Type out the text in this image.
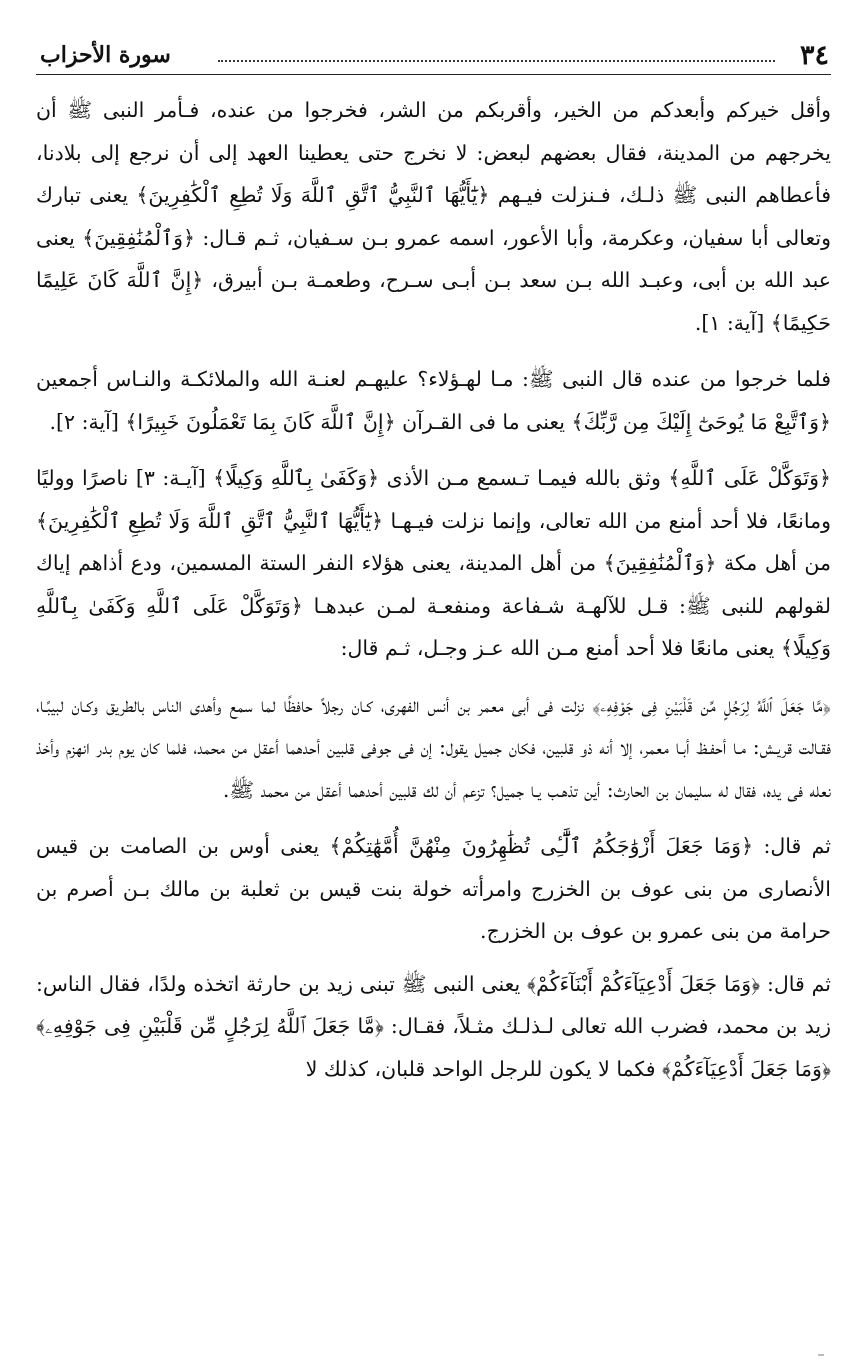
٣٤
سورة الأحزاب

وأقل خيركم وأبعدكم من الخير، وأقربكم من الشر، فخرجوا من عنده، فـأمر النبى ﷺ أن يخرجهم من المدينة، فقال بعضهم لبعض: لا نخرج حتى يعطينا العهد إلى أن نرجع إلى بلادنا، فأعطاهم النبى ﷺ ذلـك، فـنزلت فيـهم ﴿يَٰٓأَيُّهَا ٱلنَّبِيُّ ٱتَّقِ ٱللَّهَ وَلَا تُطِعِ ٱلْكَٰفِرِينَ﴾ يعنى تبارك وتعالى أبا سفيان، وعكرمة، وأبا الأعور، اسمه عمرو بـن سـفيان، ثـم قـال: ﴿وَٱلْمُنَٰفِقِينَ﴾ يعنى عبد الله بن أبى، وعبـد الله بـن سعد بـن أبـى سـرح، وطعمـة بـن أبيرق، ﴿إِنَّ ٱللَّهَ كَانَ عَلِيمًا حَكِيمًا﴾ [آية: ١].

فلما خرجوا من عنده قال النبى ﷺ: مـا لهـؤلاء؟ عليهـم لعنـة الله والملائكـة والنـاس أجمعين ﴿وَٱتَّبِعْ مَا يُوحَىٰٓ إِلَيْكَ مِن رَّبِّكَ﴾ يعنى ما فى القـرآن ﴿إِنَّ ٱللَّهَ كَانَ بِمَا تَعْمَلُونَ خَبِيرًا﴾ [آية: ٢].

﴿وَتَوَكَّلْ عَلَى ٱللَّهِ﴾ وثق بالله فيمـا تـسمع مـن الأذى ﴿وَكَفَىٰ بِٱللَّهِ وَكِيلًا﴾ [آيـة: ٣] ناصرًا ووليًا ومانعًا، فلا أحد أمنع من الله تعالى، وإنما نزلت فيـهـا ﴿يَٰٓأَيُّهَا ٱلنَّبِيُّ ٱتَّقِ ٱللَّهَ وَلَا تُطِعِ ٱلْكَٰفِرِينَ﴾ من أهل مكة ﴿وَٱلْمُنَٰفِقِينَ﴾ من أهل المدينة، يعنى هؤلاء النفر الستة المسمين، ودع أذاهم إياك لقولهم للنبى ﷺ: قـل للآلهـة شـفاعة ومنفعـة لمـن عبدهـا ﴿وَتَوَكَّلْ عَلَى ٱللَّهِ وَكَفَىٰ بِٱللَّهِ وَكِيلًا﴾ يعنى مانعًا فلا أحد أمنع مـن الله عـز وجـل، ثـم قال:

﴿مَّا جَعَلَ ٱللَّهُ لِرَجُلٍ مِّن قَلْبَيْنِ فِى جَوْفِهِۦ﴾ نزلت فى أبى معمر بن أنس الفهرى، كـان رجلاً حافظًا لما سمع وأهدى الناس بالطريق وكـان لبيبًـا، فقـالت قريـش: مـا أحفـظ أبـا معمر، إلا أنه ذو قلبين، فكان جميل يقول: إن فى جوفى قلبين أحدهما أعقل من محمد، فلما كان يوم بدر انهزم وأخذ نعله فى يده، فقال له سليمان بن الحارث: أين تذهـب يـا جميل؟ تزعم أن لك قلبين أحدهما أعقل من محمد ﷺ.

ثم قال: ﴿وَمَا جَعَلَ أَزْوَٰجَكُمُ ٱلَّٰٓـِٔى تُظَٰهِرُونَ مِنْهُنَّ أُمَّهَٰتِكُمْ﴾ يعنى أوس بن الصامت بن قيس الأنصارى من بنى عوف بن الخزرج وامرأته خولة بنت قيس بن ثعلبة بن مالك بـن أصرم بن حرامة من بنى عمرو بن عوف بن الخزرج.

ثم قال: ﴿وَمَا جَعَلَ أَدْعِيَآءَكُمْ أَبْنَآءَكُمْ﴾ يعنى النبى ﷺ تبنى زيد بن حارثة اتخذه ولدًا، فقال الناس: زيد بن محمد، فضرب الله تعالى لـذلـك مثـلاً، فقـال: ﴿مَّا جَعَلَ ٱللَّهُ لِرَجُلٍ مِّن قَلْبَيْنِ فِى جَوْفِهِۦ﴾ ﴿وَمَا جَعَلَ أَدْعِيَآءَكُمْ﴾ فكما لا يكون للرجل الواحد قلبان، كذلك لا
